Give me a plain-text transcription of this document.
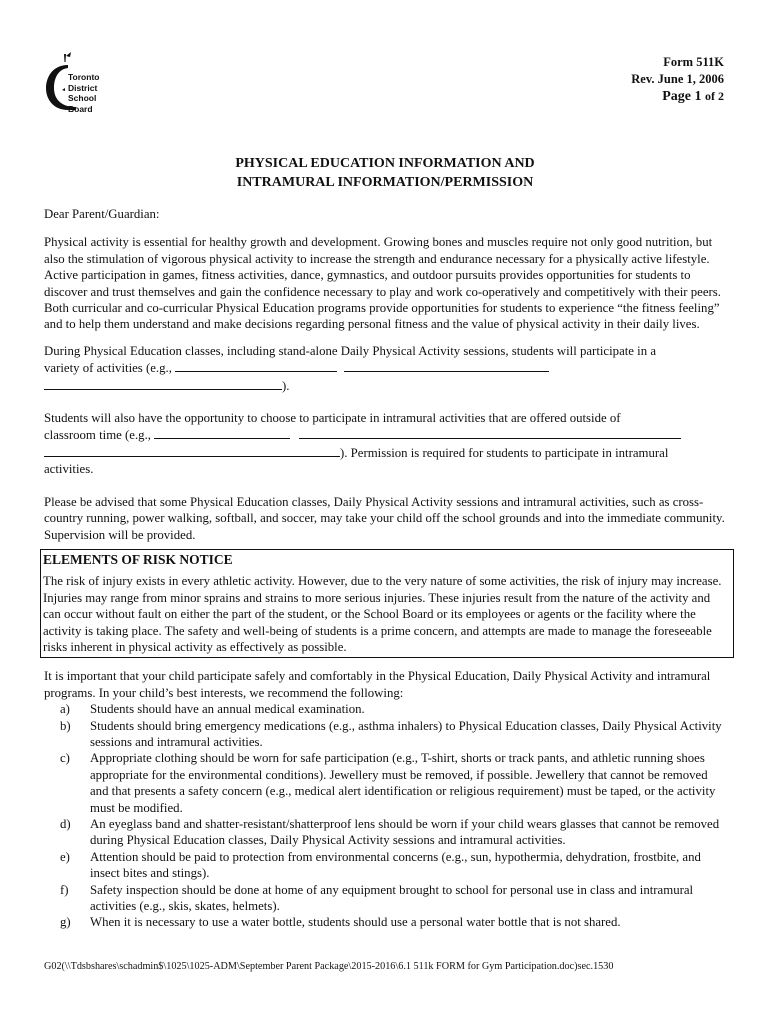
Toronto
District
School
Board
Form 511K
Rev. June 1, 2006
Page 1 of 2
PHYSICAL EDUCATION INFORMATION AND
INTRAMURAL INFORMATION/PERMISSION

Dear Parent/Guardian:

Physical activity is essential for healthy growth and development. Growing bones and muscles require not only good nutrition, but also the stimulation of vigorous physical activity to increase the strength and endurance necessary for a physically active lifestyle. Active participation in games, fitness activities, dance, gymnastics, and outdoor pursuits provides opportunities for students to discover and trust themselves and gain the confidence necessary to play and work co-operatively and competitively with their peers. Both curricular and co-curricular Physical Education programs provide opportunities for students to experience “the fitness feeling” and to help them understand and make decisions regarding personal fitness and the value of physical activity in their daily lives.

During Physical Education classes, including stand-alone Daily Physical Activity sessions, students will participate in a
variety of activities (e.g.,
).

Students will also have the opportunity to choose to participate in intramural activities that are offered outside of
classroom time (e.g.,
). Permission is required for students to participate in intramural
activities.

Please be advised that some Physical Education classes, Daily Physical Activity sessions and intramural activities, such as cross-country running, power walking, softball, and soccer, may take your child off the school grounds and into the immediate community. Supervision will be provided.

ELEMENTS OF RISK NOTICE

The risk of injury exists in every athletic activity. However, due to the very nature of some activities, the risk of injury may increase. Injuries may range from minor sprains and strains to more serious injuries. These injuries result from the nature of the activity and can occur without fault on either the part of the student, or the School Board or its employees or agents or the facility where the activity is taking place. The safety and well-being of students is a prime concern, and attempts are made to manage the foreseeable risks inherent in physical activity as effectively as possible.

It is important that your child participate safely and comfortably in the Physical Education, Daily Physical Activity and intramural programs. In your child’s best interests, we recommend the following:

a) Students should have an annual medical examination.
b) Students should bring emergency medications (e.g., asthma inhalers) to Physical Education classes, Daily Physical Activity sessions and intramural activities.
c) Appropriate clothing should be worn for safe participation (e.g., T-shirt, shorts or track pants, and athletic running shoes appropriate for the environmental conditions). Jewellery must be removed, if possible. Jewellery that cannot be removed and that presents a safety concern (e.g., medical alert identification or religious requirement) must be taped, or the activity must be modified.
d) An eyeglass band and shatter-resistant/shatterproof lens should be worn if your child wears glasses that cannot be removed during Physical Education classes, Daily Physical Activity sessions and intramural activities.
e) Attention should be paid to protection from environmental concerns (e.g., sun, hypothermia, dehydration, frostbite, and insect bites and stings).
f) Safety inspection should be done at home of any equipment brought to school for personal use in class and intramural activities (e.g., skis, skates, helmets).
g) When it is necessary to use a water bottle, students should use a personal water bottle that is not shared.
G02(\\Tdsbshares\schadmin$\1025\1025-ADM\September Parent Package\2015-2016\6.1 511k FORM for Gym Participation.doc)sec.1530
